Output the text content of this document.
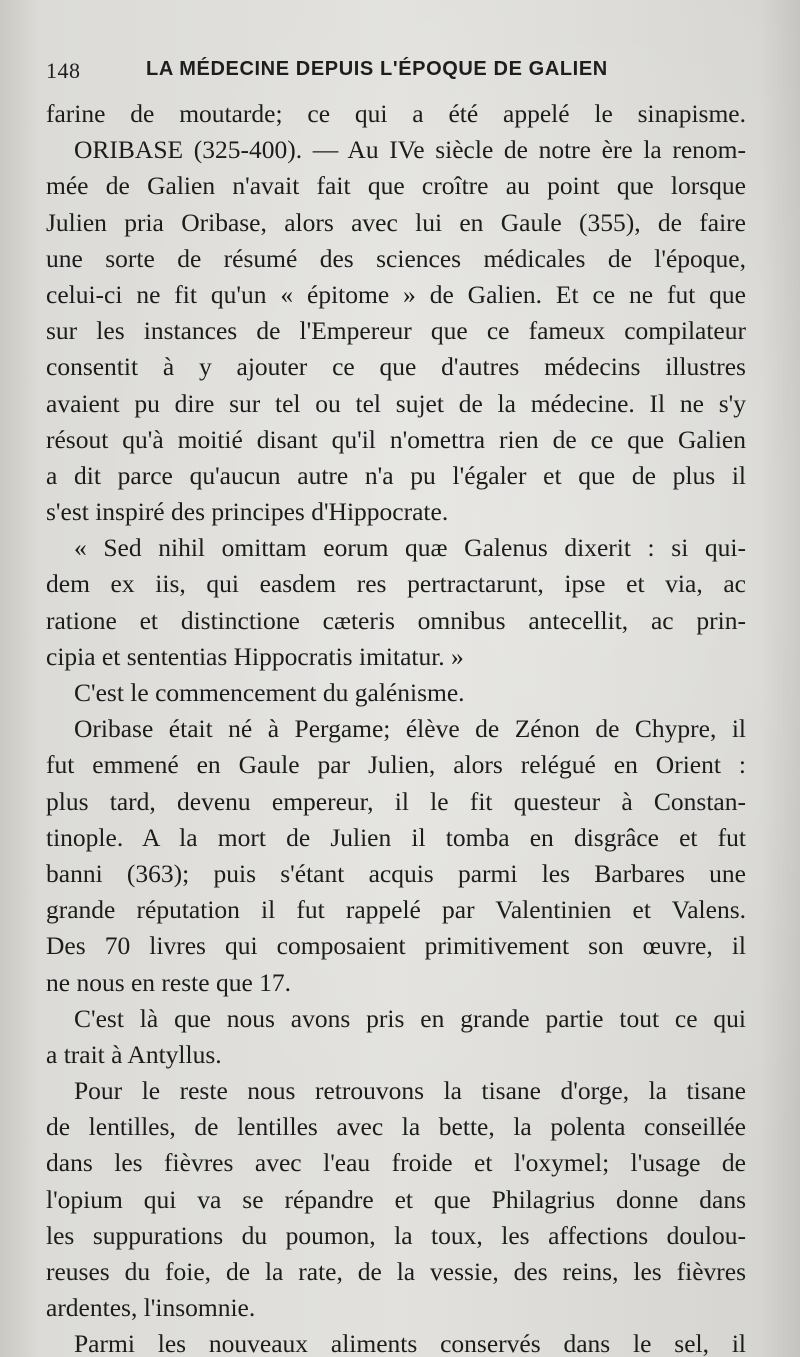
148	LA MÉDECINE DEPUIS L'ÉPOQUE DE GALIEN
farine de moutarde; ce qui a été appelé le sinapisme.
ORIBASE (325-400). — Au IVe siècle de notre ère la renom-
mée de Galien n'avait fait que croître au point que lorsque
Julien pria Oribase, alors avec lui en Gaule (355), de faire
une sorte de résumé des sciences médicales de l'époque,
celui-ci ne fit qu'un « épitome » de Galien. Et ce ne fut que
sur les instances de l'Empereur que ce fameux compilateur
consentit à y ajouter ce que d'autres médecins illustres
avaient pu dire sur tel ou tel sujet de la médecine. Il ne s'y
résout qu'à moitié disant qu'il n'omettra rien de ce que Galien
a dit parce qu'aucun autre n'a pu l'égaler et que de plus il
s'est inspiré des principes d'Hippocrate.
« Sed nihil omittam eorum quæ Galenus dixerit : si qui-
dem ex iis, qui easdem res pertractarunt, ipse et via, ac
ratione et distinctione cæteris omnibus antecellit, ac prin-
cipia et sententias Hippocratis imitatur. »
C'est le commencement du galénisme.
Oribase était né à Pergame; élève de Zénon de Chypre, il
fut emmené en Gaule par Julien, alors relégué en Orient :
plus tard, devenu empereur, il le fit questeur à Constan-
tinople. A la mort de Julien il tomba en disgrâce et fut
banni (363); puis s'étant acquis parmi les Barbares une
grande réputation il fut rappelé par Valentinien et Valens.
Des 70 livres qui composaient primitivement son œuvre, il
ne nous en reste que 17.
C'est là que nous avons pris en grande partie tout ce qui
a trait à Antyllus.
Pour le reste nous retrouvons la tisane d'orge, la tisane
de lentilles, de lentilles avec la bette, la polenta conseillée
dans les fièvres avec l'eau froide et l'oxymel; l'usage de
l'opium qui va se répandre et que Philagrius donne dans
les suppurations du poumon, la toux, les affections doulou-
reuses du foie, de la rate, de la vessie, des reins, les fièvres
ardentes, l'insomnie.
Parmi les nouveaux aliments conservés dans le sel, il
